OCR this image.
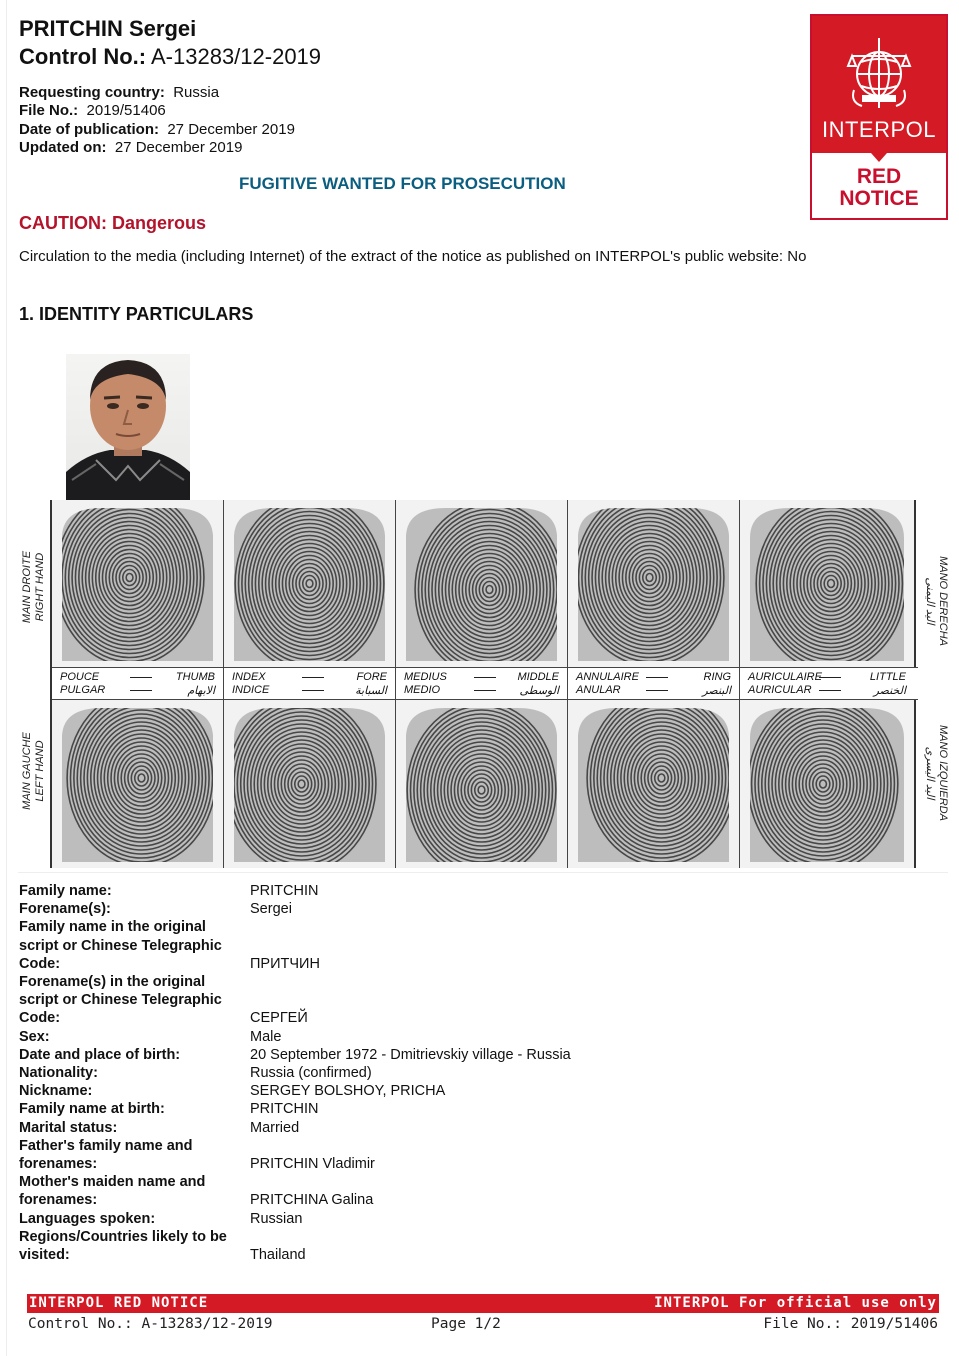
PRITCHIN Sergei
Control No.: A-13283/12-2019
Requesting country: Russia
File No.: 2019/51406
Date of publication: 27 December 2019
Updated on: 27 December 2019
INTERPOL
RED
NOTICE
FUGITIVE WANTED FOR PROSECUTION
CAUTION: Dangerous
Circulation to the media (including Internet) of the extract of the notice as published on INTERPOL's public website: No
1. IDENTITY PARTICULARS
MAIN DROITE RIGHT HAND
MAIN GAUCHE LEFT HAND
MANO DERECHA
اليد اليمنى
MANO IZQUIERDA
اليد اليسرى
POUCE
PULGAR
THUMB
الابهام
INDEX
INDICE
FORE
السبابة
MEDIUS
MEDIO
MIDDLE
الوسطى
ANNULAIRE
ANULAR
RING
البنصر
AURICULAIRE
AURICULAR
LITTLE
الخنصر
Family name:	PRITCHIN
Forename(s):	Sergei
Family name in the original
script or Chinese Telegraphic
Code:	ПРИТЧИН
Forename(s) in the original
script or Chinese Telegraphic
Code:	СЕРГЕЙ
Sex:	Male
Date and place of birth:	20 September 1972 - Dmitrievskiy village - Russia
Nationality:	Russia (confirmed)
Nickname:	SERGEY BOLSHOY, PRICHA
Family name at birth:	PRITCHIN
Marital status:	Married
Father's family name and
forenames:	PRITCHIN Vladimir
Mother's maiden name and
forenames:	PRITCHINA Galina
Languages spoken:	Russian
Regions/Countries likely to be
visited:	Thailand
INTERPOL RED NOTICE	INTERPOL For official use only
Control No.: A-13283/12-2019	Page 1/2	File No.: 2019/51406
